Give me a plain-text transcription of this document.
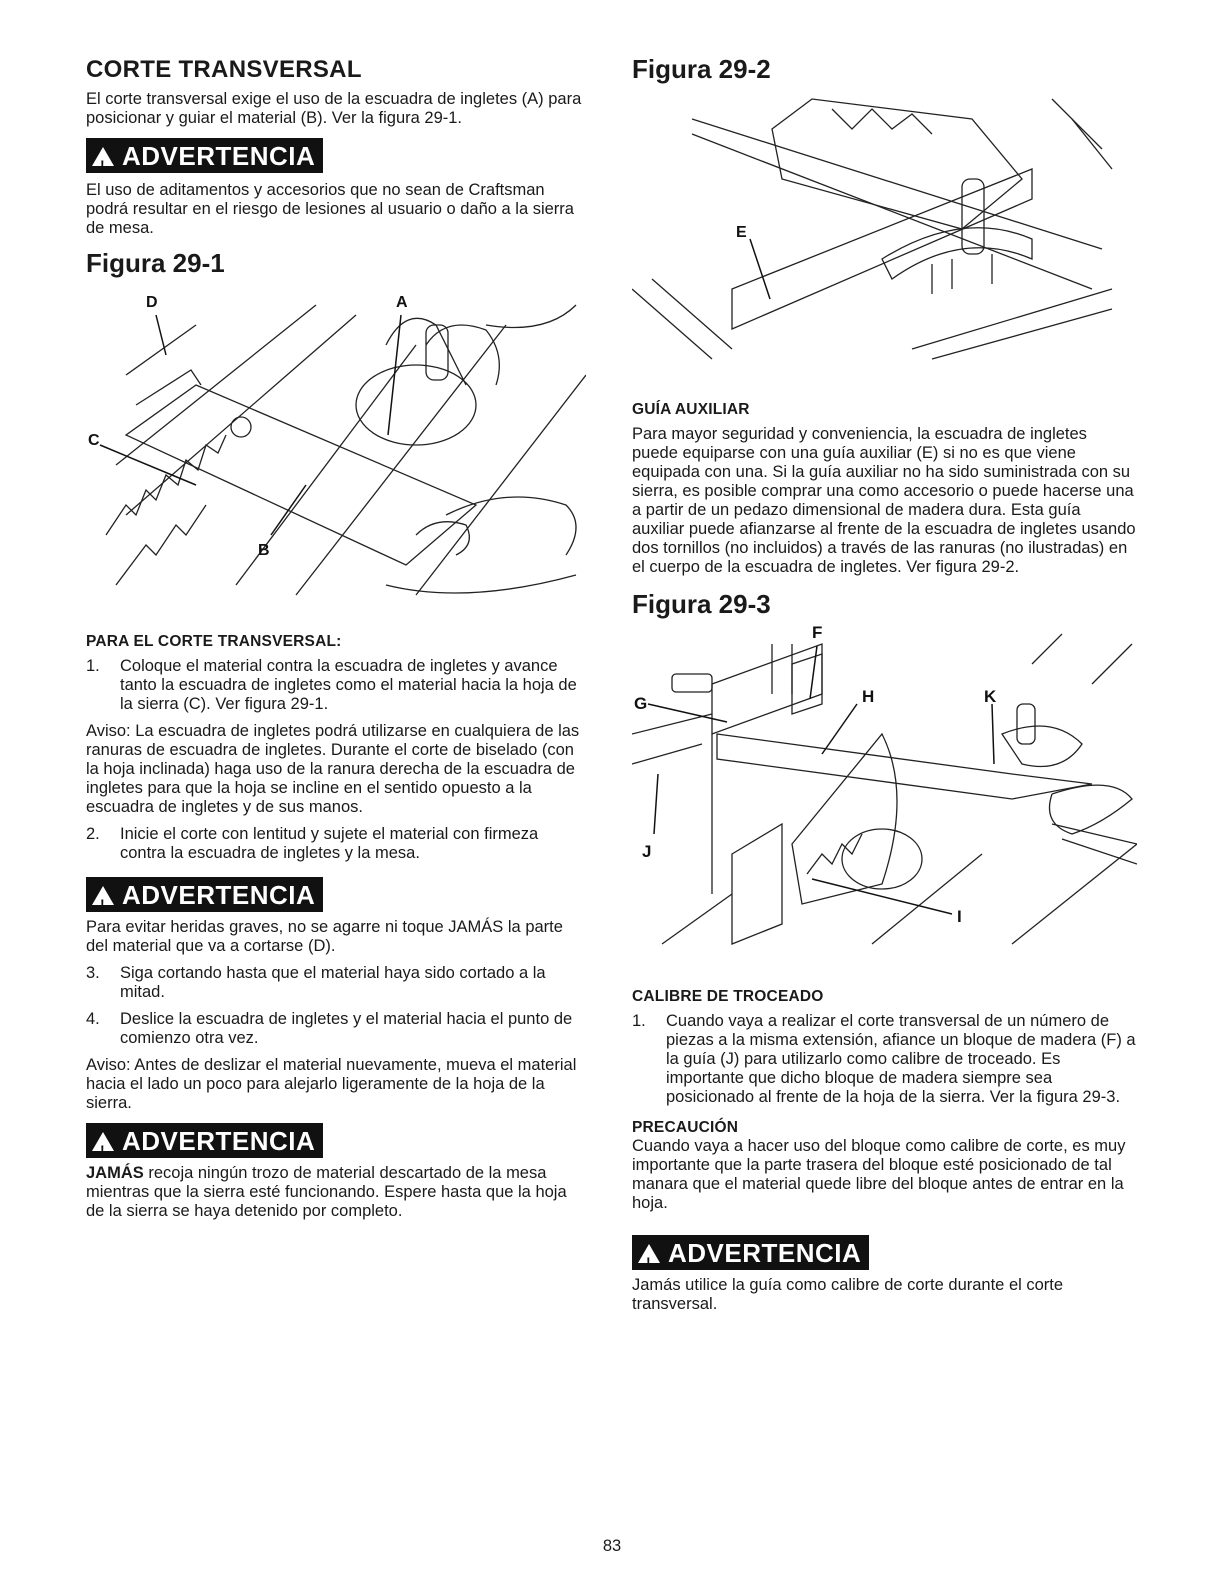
CORTE TRANSVERSAL

El corte transversal exige el uso de la escuadra de ingletes (A) para posicionar y guiar el material (B). Ver la figura 29-1.

!ADVERTENCIA

El uso de aditamentos y accesorios que no sean de Craftsman podrá resultar en el riesgo de lesiones al usuario o daño a la sierra de mesa.

Figura 29-1
D	A
C
B
PARA EL CORTE TRANSVERSAL:

1. Coloque el material contra la escuadra de ingletes y avance tanto la escuadra de ingletes como el material hacia la hoja de la sierra (C). Ver figura 29-1.

Aviso: La escuadra de ingletes podrá utilizarse en cualquiera de las ranuras de escuadra de ingletes. Durante el corte de biselado (con la hoja inclinada) haga uso de la ranura derecha de la escuadra de ingletes para que la hoja se incline en el sentido opuesto a la escuadra de ingletes y de sus manos.

2. Inicie el corte con lentitud y sujete el material con firmeza contra la escuadra de ingletes y la mesa.

!ADVERTENCIA

Para evitar heridas graves, no se agarre ni toque JAMÁS la parte del material que va a cortarse (D).

3. Siga cortando hasta que el material haya sido cortado a la mitad.

4. Deslice la escuadra de ingletes y el material hacia el punto de comienzo otra vez.

Aviso: Antes de deslizar el material nuevamente, mueva el material hacia el lado un poco para alejarlo ligeramente de la hoja de la sierra.

!ADVERTENCIA

JAMÁS recoja ningún trozo de material descartado de la mesa mientras que la sierra esté funcionando. Espere hasta que la hoja de la sierra se haya detenido por completo.

Figura 29-2
E
GUÍA AUXILIAR

Para mayor seguridad y conveniencia, la escuadra de ingletes puede equiparse con una guía auxiliar (E) si no es que viene equipada con una. Si la guía auxiliar no ha sido suministrada con su sierra, es posible comprar una como accesorio o puede hacerse una a partir de un pedazo dimensional de madera dura. Esta guía auxiliar puede afianzarse al frente de la escuadra de ingletes usando dos tornillos (no incluidos) a través de las ranuras (no ilustradas) en el cuerpo de la escuadra de ingletes. Ver figura 29-2.

Figura 29-3
F
G	H	K
J
I
CALIBRE DE TROCEADO

1. Cuando vaya a realizar el corte transversal de un número de piezas a la misma extensión, afiance un bloque de madera (F) a la guía (J) para utilizarlo como calibre de troceado. Es importante que dicho bloque de madera siempre sea posicionado al frente de la hoja de la sierra. Ver la figura 29-3.

PRECAUCIÓN

Cuando vaya a hacer uso del bloque como calibre de corte, es muy importante que la parte trasera del bloque esté posicionado de tal manara que el material quede libre del bloque antes de entrar en la hoja.

!ADVERTENCIA

Jamás utilice la guía como calibre de corte durante el corte transversal.

83
